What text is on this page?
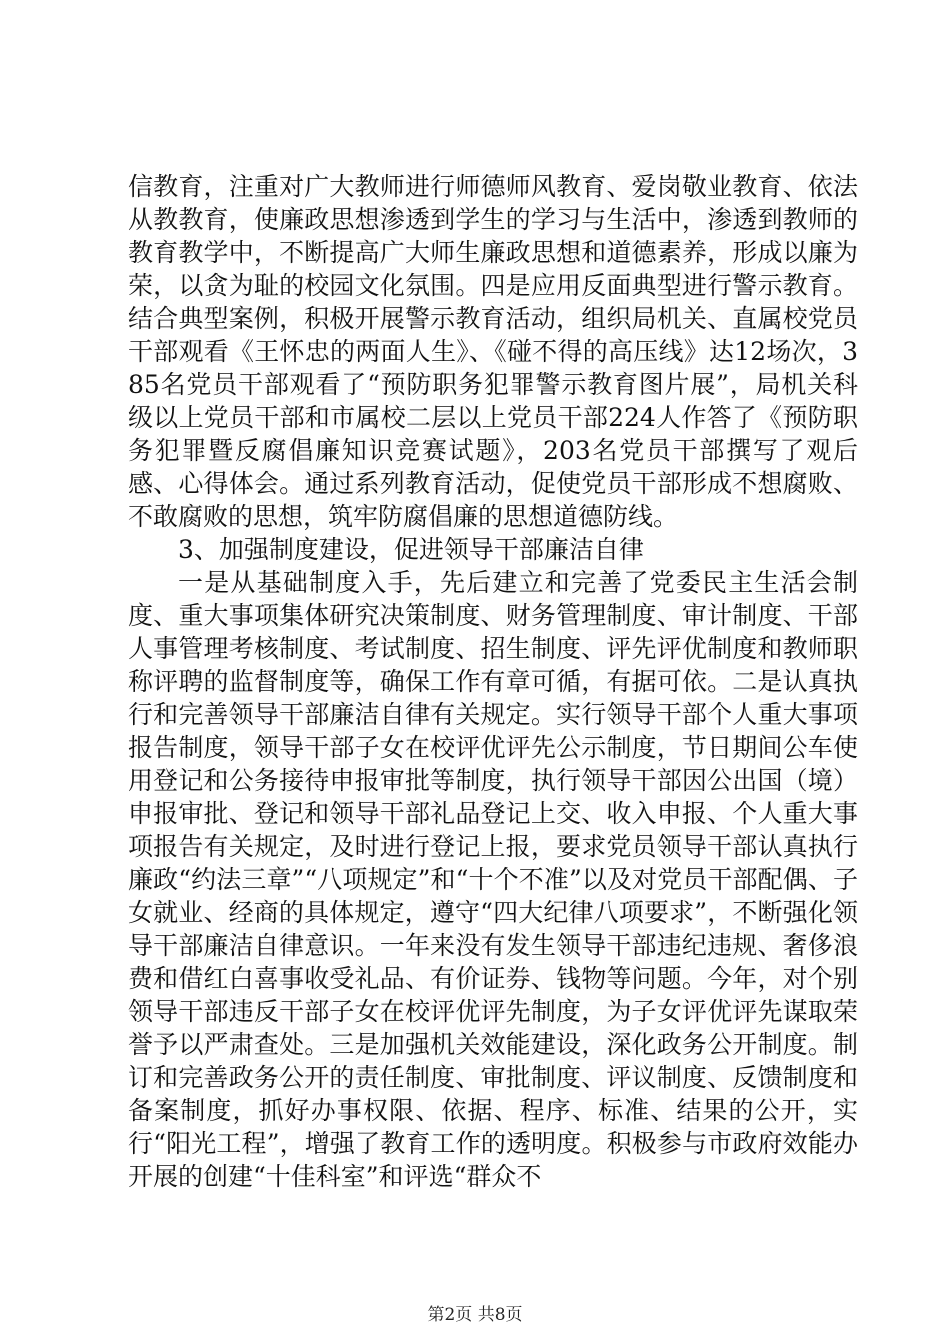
信教育，注重对广大教师进行师德师风教育、爱岗敬业教育、依法从教教育，使廉政思想渗透到学生的学习与生活中，渗透到教师的教育教学中，不断提高广大师生廉政思想和道德素养，形成以廉为荣，以贪为耻的校园文化氛围。四是应用反面典型进行警示教育。结合典型案例，积极开展警示教育活动，组织局机关、直属校党员干部观看《王怀忠的两面人生》、《碰不得的高压线》达12场次，385名党员干部观看了“预防职务犯罪警示教育图片展”，局机关科级以上党员干部和市属校二层以上党员干部224人作答了《预防职务犯罪暨反腐倡廉知识竞赛试题》，203名党员干部撰写了观后感、心得体会。通过系列教育活动，促使党员干部形成不想腐败、不敢腐败的思想，筑牢防腐倡廉的思想道德防线。

3、加强制度建设，促进领导干部廉洁自律

一是从基础制度入手，先后建立和完善了党委民主生活会制度、重大事项集体研究决策制度、财务管理制度、审计制度、干部人事管理考核制度、考试制度、招生制度、评先评优制度和教师职称评聘的监督制度等，确保工作有章可循，有据可依。二是认真执行和完善领导干部廉洁自律有关规定。实行领导干部个人重大事项报告制度，领导干部子女在校评优评先公示制度，节日期间公车使用登记和公务接待申报审批等制度，执行领导干部因公出国（境）申报审批、登记和领导干部礼品登记上交、收入申报、个人重大事项报告有关规定，及时进行登记上报，要求党员领导干部认真执行廉政“约法三章”“八项规定”和“十个不准”以及对党员干部配偶、子女就业、经商的具体规定，遵守“四大纪律八项要求”，不断强化领导干部廉洁自律意识。一年来没有发生领导干部违纪违规、奢侈浪费和借红白喜事收受礼品、有价证券、钱物等问题。今年，对个别领导干部违反干部子女在校评优评先制度，为子女评优评先谋取荣誉予以严肃查处。三是加强机关效能建设，深化政务公开制度。制订和完善政务公开的责任制度、审批制度、评议制度、反馈制度和备案制度，抓好办事权限、依据、程序、标准、结果的公开，实行“阳光工程”，增强了教育工作的透明度。积极参与市政府效能办开展的创建“十佳科室”和评选“群众不

第2页 共8页
